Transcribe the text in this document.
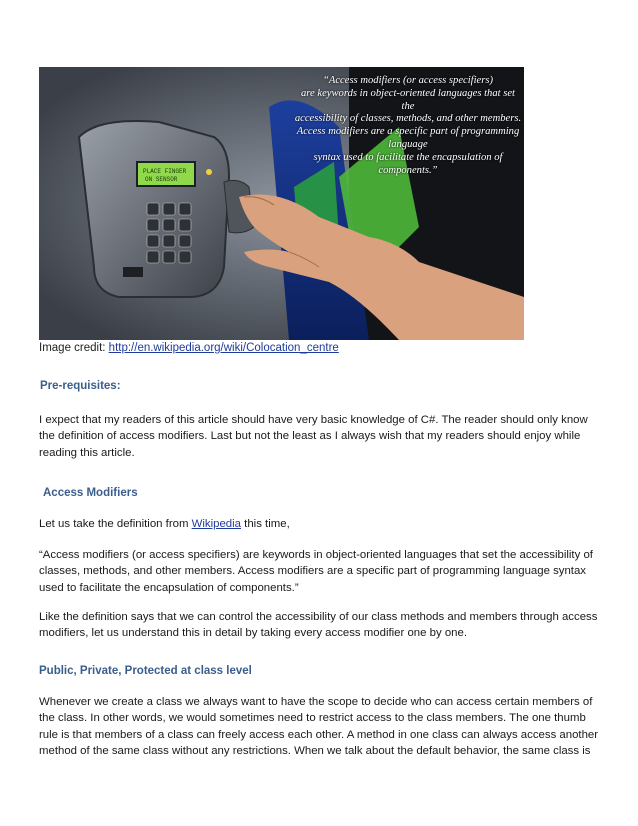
PLACE FINGER
ON SENSOR
“Access modifiers (or access specifiers)
are keywords in object-oriented languages that set the
accessibility of classes, methods, and other members.
Access modifiers are a specific part of programming language
syntax used to facilitate the encapsulation of components.”
Image credit: http://en.wikipedia.org/wiki/Colocation_centre
Pre-requisites:
I expect that my readers of this article should have very basic knowledge of C#. The reader should only know the definition of access modifiers. Last but not the least as I always wish that my readers should enjoy while reading this article.
Access Modifiers
Let us take the definition from Wikipedia this time,
“Access modifiers (or access specifiers) are keywords in object-oriented languages that set the accessibility of classes, methods, and other members. Access modifiers are a specific part of programming language syntax used to facilitate the encapsulation of components.”
Like the definition says that we can control the accessibility of our class methods and members through access modifiers, let us understand this in detail by taking every access modifier one by one.
Public, Private, Protected at class level
Whenever we create a class we always want to have the scope to decide who can access certain members of the class. In other words, we would sometimes need to restrict access to the class members. The one thumb rule is that members of a class can freely access each other. A method in one class can always access another method of the same class without any restrictions. When we talk about the default behavior, the same class is
